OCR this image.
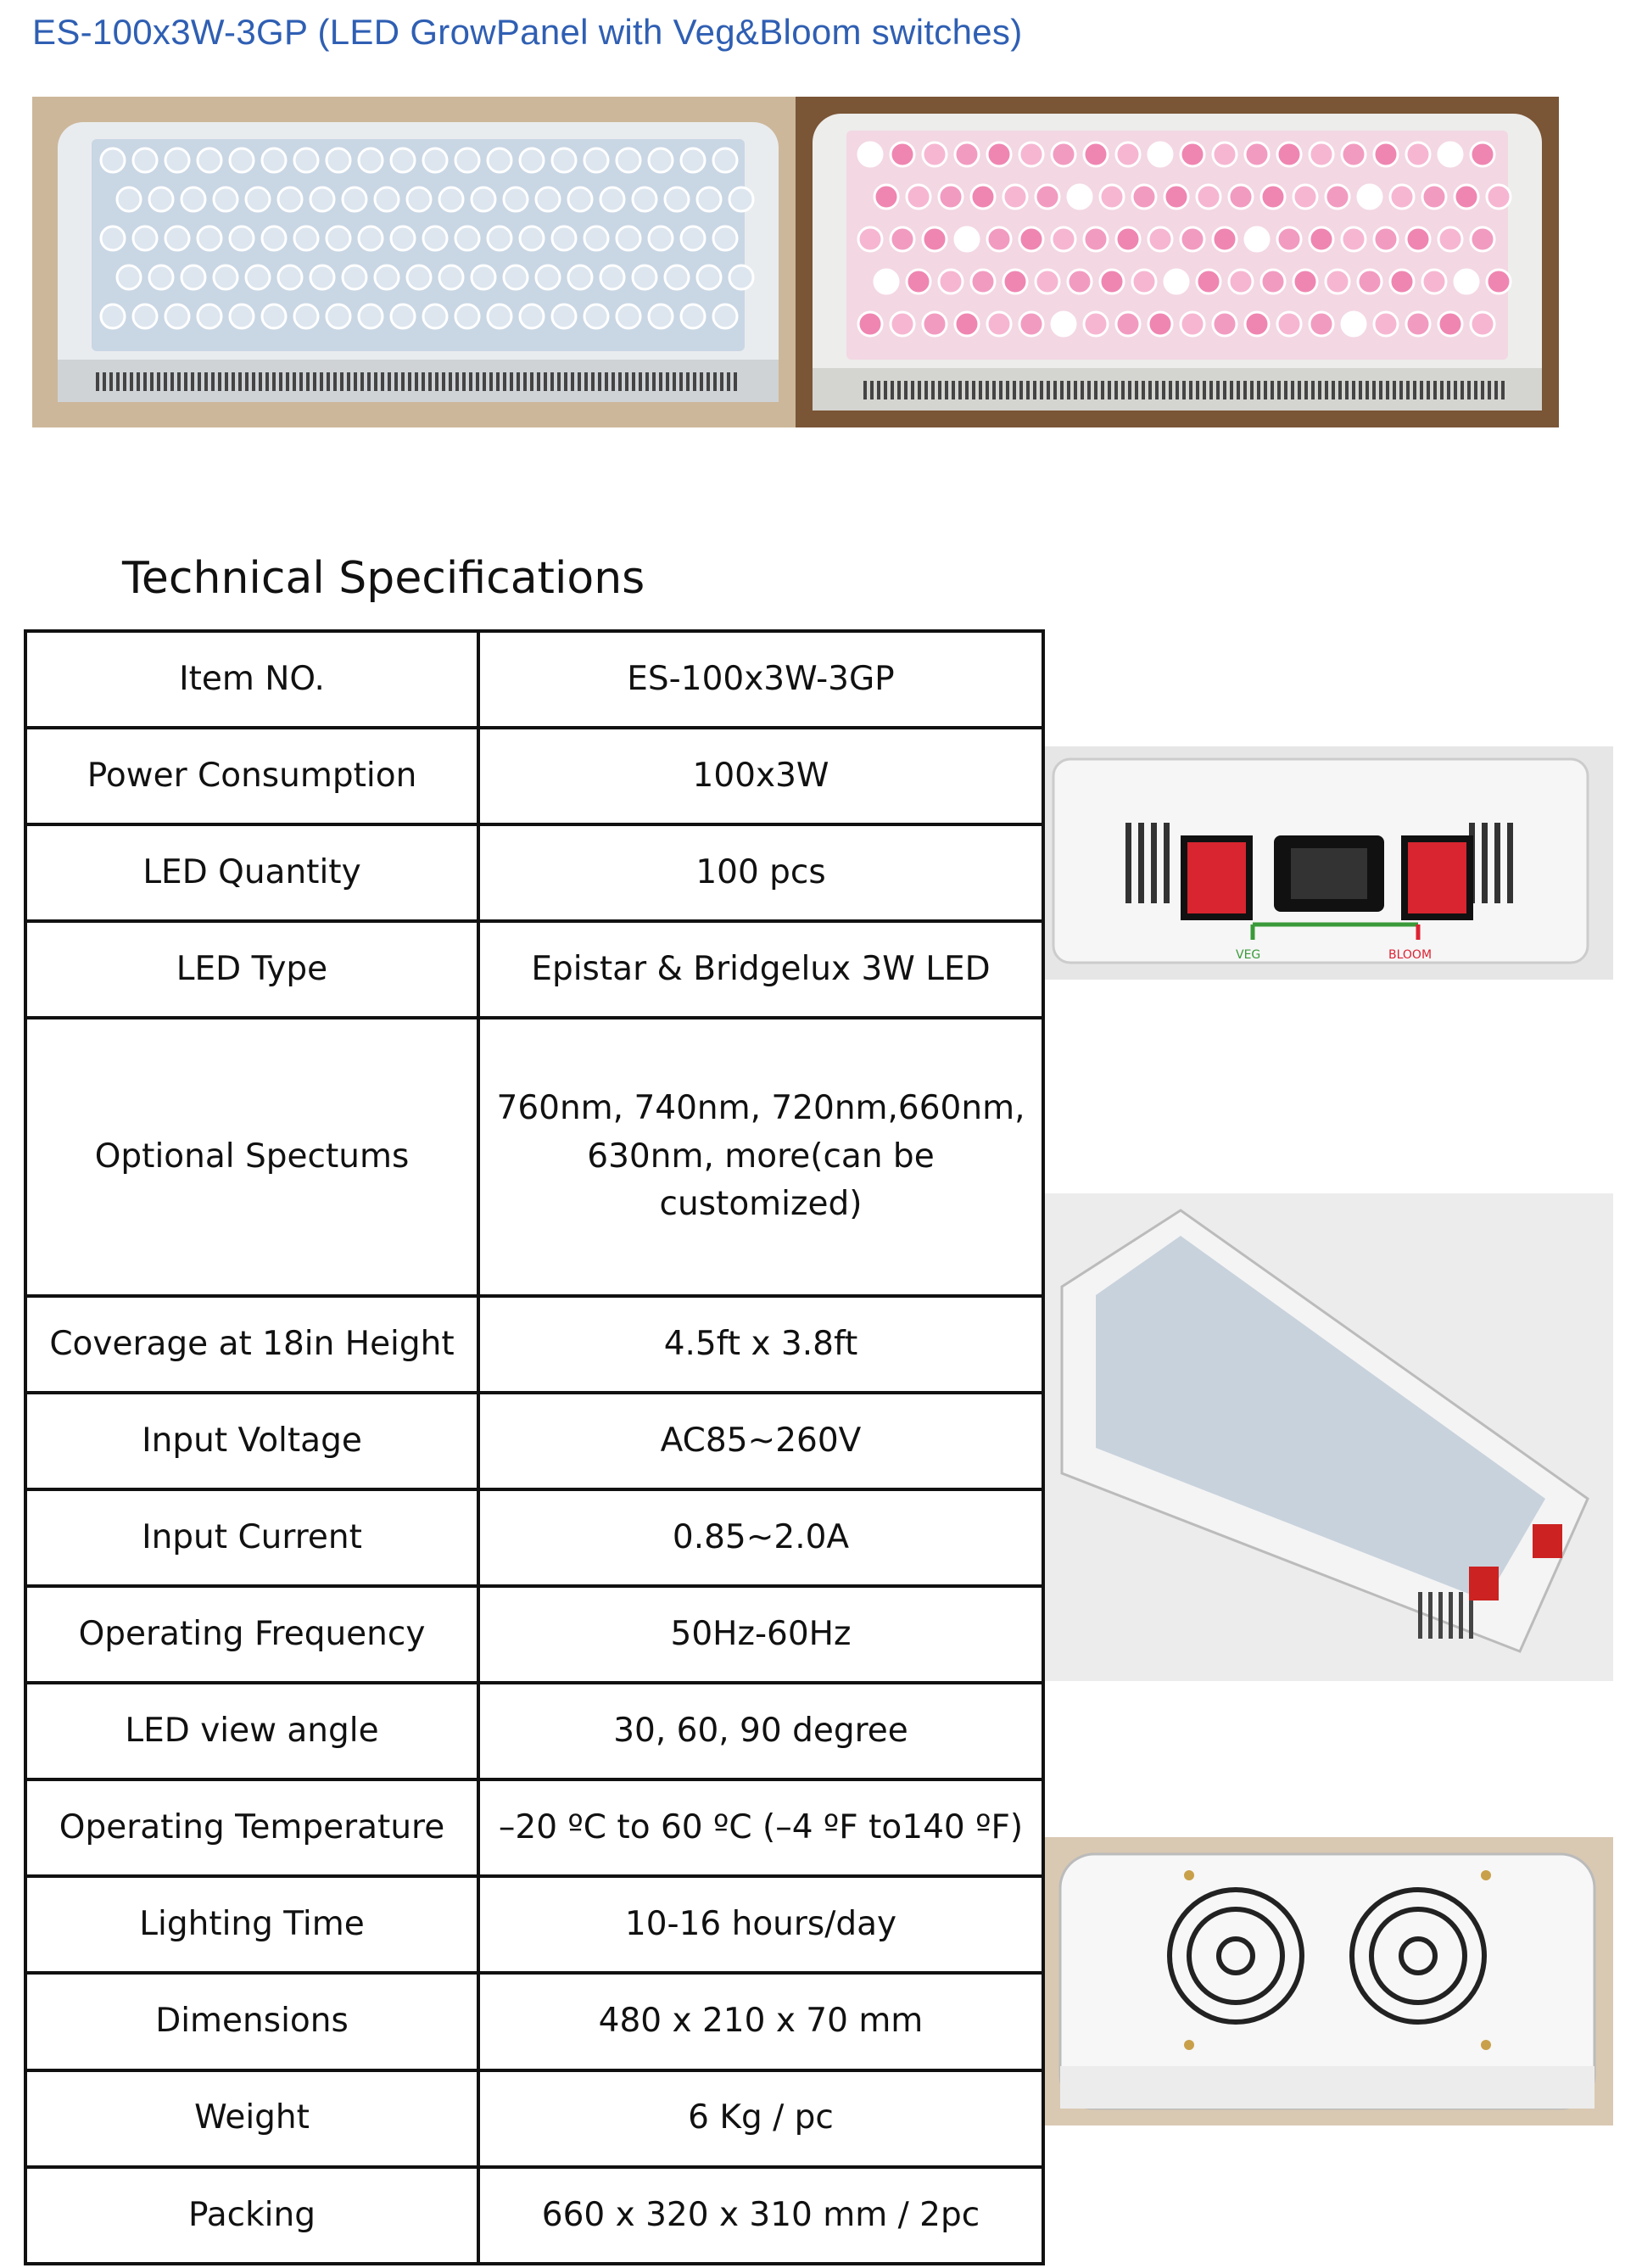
ES-100x3W-3GP (LED GrowPanel with Veg&Bloom switches)
VEG	BLOOM
Technical Specifications
Item NO.	ES-100x3W-3GP
Power Consumption	100x3W
LED Quantity	100 pcs
LED Type	Epistar & Bridgelux 3W LED
Optional Spectums	760nm, 740nm, 720nm,660nm,
630nm, more(can be customized)
Coverage at 18in Height	4.5ft x 3.8ft
Input Voltage	AC85~260V
Input Current	0.85~2.0A
Operating Frequency	50Hz-60Hz
LED view angle	30, 60, 90 degree
Operating Temperature	–20 ºC to 60 ºC (–4 ºF to140 ºF)
Lighting Time	10-16 hours/day
Dimensions	480 x 210 x 70 mm
Weight	6 Kg / pc
Packing	660 x 320 x 310 mm / 2pc
